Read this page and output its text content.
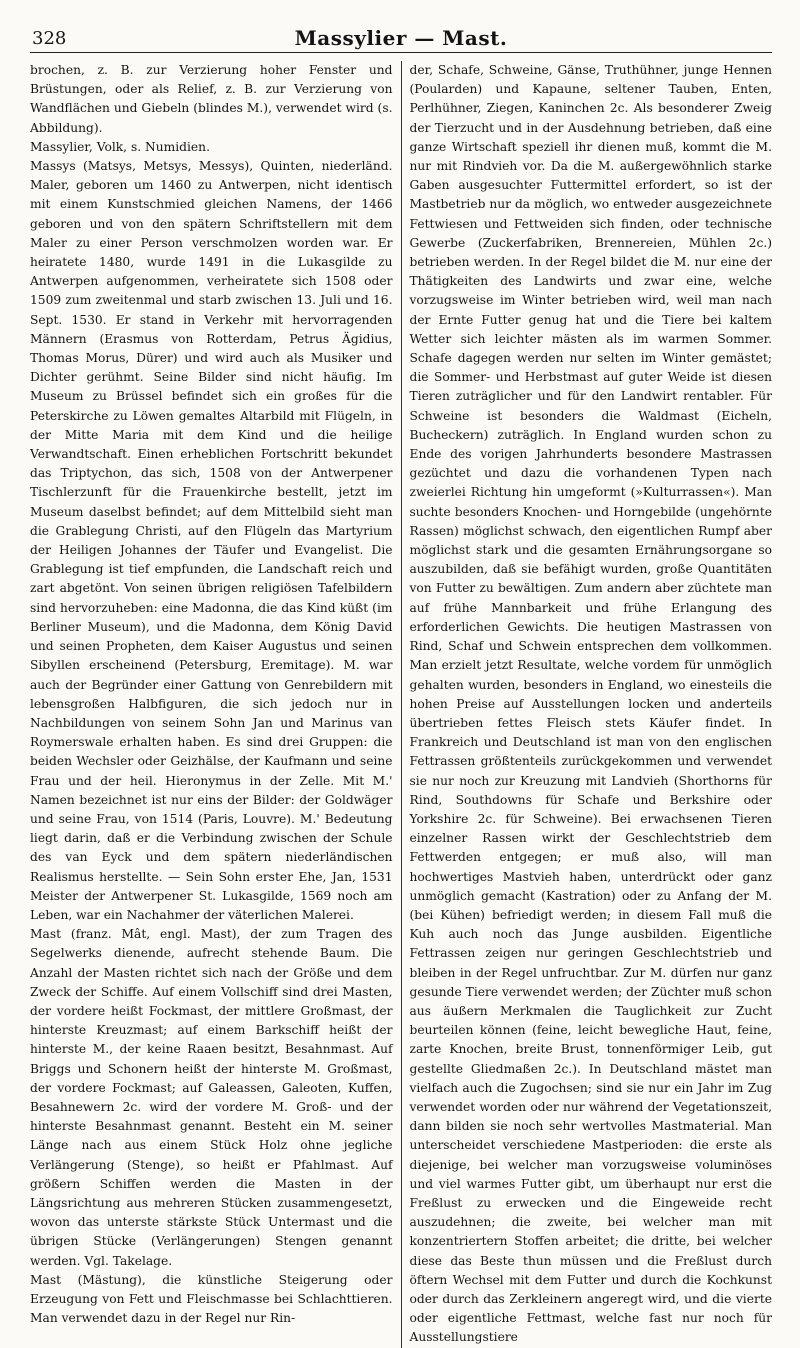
328	Massylier — Mast.

brochen, z. B. zur Verzierung hoher Fenster und Brüstungen, oder als Relief, z. B. zur Verzierung von Wandflächen und Giebeln (blindes M.), verwendet wird (s. Abbildung).

Massylier, Volk, s. Numidien.

Massys (Matsys, Metsys, Messys), Quinten, niederländ. Maler, geboren um 1460 zu Antwerpen, nicht identisch mit einem Kunstschmied gleichen Namens, der 1466 geboren und von den spätern Schriftstellern mit dem Maler zu einer Person verschmolzen worden war. Er heiratete 1480, wurde 1491 in die Lukasgilde zu Antwerpen aufgenommen, verheiratete sich 1508 oder 1509 zum zweitenmal und starb zwischen 13. Juli und 16. Sept. 1530. Er stand in Verkehr mit hervorragenden Männern (Erasmus von Rotterdam, Petrus Ägidius, Thomas Morus, Dürer) und wird auch als Musiker und Dichter gerühmt. Seine Bilder sind nicht häufig. Im Museum zu Brüssel befindet sich ein großes für die Peterskirche zu Löwen gemaltes Altarbild mit Flügeln, in der Mitte Maria mit dem Kind und die heilige Verwandtschaft. Einen erheblichen Fortschritt bekundet das Triptychon, das sich, 1508 von der Antwerpener Tischlerzunft für die Frauenkirche bestellt, jetzt im Museum daselbst befindet; auf dem Mittelbild sieht man die Grablegung Christi, auf den Flügeln das Martyrium der Heiligen Johannes der Täufer und Evangelist. Die Grablegung ist tief empfunden, die Landschaft reich und zart abgetönt. Von seinen übrigen religiösen Tafelbildern sind hervorzuheben: eine Madonna, die das Kind küßt (im Berliner Museum), und die Madonna, dem König David und seinen Propheten, dem Kaiser Augustus und seinen Sibyllen erscheinend (Petersburg, Eremitage). M. war auch der Begründer einer Gattung von Genrebildern mit lebensgroßen Halbfiguren, die sich jedoch nur in Nachbildungen von seinem Sohn Jan und Marinus van Roymerswale erhalten haben. Es sind drei Gruppen: die beiden Wechsler oder Geizhälse, der Kaufmann und seine Frau und der heil. Hieronymus in der Zelle. Mit M.' Namen bezeichnet ist nur eins der Bilder: der Goldwäger und seine Frau, von 1514 (Paris, Louvre). M.' Bedeutung liegt darin, daß er die Verbindung zwischen der Schule des van Eyck und dem spätern niederländischen Realismus herstellte. — Sein Sohn erster Ehe, Jan, 1531 Meister der Antwerpener St. Lukasgilde, 1569 noch am Leben, war ein Nachahmer der väterlichen Malerei.

Mast (franz. Mât, engl. Mast), der zum Tragen des Segelwerks dienende, aufrecht stehende Baum. Die Anzahl der Masten richtet sich nach der Größe und dem Zweck der Schiffe. Auf einem Vollschiff sind drei Masten, der vordere heißt Fockmast, der mittlere Großmast, der hinterste Kreuzmast; auf einem Barkschiff heißt der hinterste M., der keine Raaen besitzt, Besahnmast. Auf Briggs und Schonern heißt der hinterste M. Großmast, der vordere Fockmast; auf Galeassen, Galeoten, Kuffen, Besahnewern 2c. wird der vordere M. Groß- und der hinterste Besahnmast genannt. Besteht ein M. seiner Länge nach aus einem Stück Holz ohne jegliche Verlängerung (Stenge), so heißt er Pfahlmast. Auf größern Schiffen werden die Masten in der Längsrichtung aus mehreren Stücken zusammengesetzt, wovon das unterste stärkste Stück Untermast und die übrigen Stücke (Verlängerungen) Stengen genannt werden. Vgl. Takelage.

Mast (Mästung), die künstliche Steigerung oder Erzeugung von Fett und Fleischmasse bei Schlachttieren. Man verwendet dazu in der Regel nur Rin-

der, Schafe, Schweine, Gänse, Truthühner, junge Hennen (Poularden) und Kapaune, seltener Tauben, Enten, Perlhühner, Ziegen, Kaninchen 2c. Als besonderer Zweig der Tierzucht und in der Ausdehnung betrieben, daß eine ganze Wirtschaft speziell ihr dienen muß, kommt die M. nur mit Rindvieh vor. Da die M. außergewöhnlich starke Gaben ausgesuchter Futtermittel erfordert, so ist der Mastbetrieb nur da möglich, wo entweder ausgezeichnete Fettwiesen und Fettweiden sich finden, oder technische Gewerbe (Zuckerfabriken, Brennereien, Mühlen 2c.) betrieben werden. In der Regel bildet die M. nur eine der Thätigkeiten des Landwirts und zwar eine, welche vorzugsweise im Winter betrieben wird, weil man nach der Ernte Futter genug hat und die Tiere bei kaltem Wetter sich leichter mästen als im warmen Sommer. Schafe dagegen werden nur selten im Winter gemästet; die Sommer- und Herbstmast auf guter Weide ist diesen Tieren zuträglicher und für den Landwirt rentabler. Für Schweine ist besonders die Waldmast (Eicheln, Bucheckern) zuträglich. In England wurden schon zu Ende des vorigen Jahrhunderts besondere Mastrassen gezüchtet und dazu die vorhandenen Typen nach zweierlei Richtung hin umgeformt (»Kulturrassen«). Man suchte besonders Knochen- und Horngebilde (ungehörnte Rassen) möglichst schwach, den eigentlichen Rumpf aber möglichst stark und die gesamten Ernährungsorgane so auszubilden, daß sie befähigt wurden, große Quantitäten von Futter zu bewältigen. Zum andern aber züchtete man auf frühe Mannbarkeit und frühe Erlangung des erforderlichen Gewichts. Die heutigen Mastrassen von Rind, Schaf und Schwein entsprechen dem vollkommen. Man erzielt jetzt Resultate, welche vordem für unmöglich gehalten wurden, besonders in England, wo einesteils die hohen Preise auf Ausstellungen locken und anderteils übertrieben fettes Fleisch stets Käufer findet. In Frankreich und Deutschland ist man von den englischen Fettrassen größtenteils zurückgekommen und verwendet sie nur noch zur Kreuzung mit Landvieh (Shorthorns für Rind, Southdowns für Schafe und Berkshire oder Yorkshire 2c. für Schweine). Bei erwachsenen Tieren einzelner Rassen wirkt der Geschlechtstrieb dem Fettwerden entgegen; er muß also, will man hochwertiges Mastvieh haben, unterdrückt oder ganz unmöglich gemacht (Kastration) oder zu Anfang der M. (bei Kühen) befriedigt werden; in diesem Fall muß die Kuh auch noch das Junge ausbilden. Eigentliche Fettrassen zeigen nur geringen Geschlechtstrieb und bleiben in der Regel unfruchtbar. Zur M. dürfen nur ganz gesunde Tiere verwendet werden; der Züchter muß schon aus äußern Merkmalen die Tauglichkeit zur Zucht beurteilen können (feine, leicht bewegliche Haut, feine, zarte Knochen, breite Brust, tonnenförmiger Leib, gut gestellte Gliedmaßen 2c.). In Deutschland mästet man vielfach auch die Zugochsen; sind sie nur ein Jahr im Zug verwendet worden oder nur während der Vegetationszeit, dann bilden sie noch sehr wertvolles Mastmaterial. Man unterscheidet verschiedene Mastperioden: die erste als diejenige, bei welcher man vorzugsweise voluminöses und viel warmes Futter gibt, um überhaupt nur erst die Freßlust zu erwecken und die Eingeweide recht auszudehnen; die zweite, bei welcher man mit konzentriertern Stoffen arbeitet; die dritte, bei welcher diese das Beste thun müssen und die Freßlust durch öftern Wechsel mit dem Futter und durch die Kochkunst oder durch das Zerkleinern angeregt wird, und die vierte oder eigentliche Fettmast, welche fast nur noch für Ausstellungstiere
